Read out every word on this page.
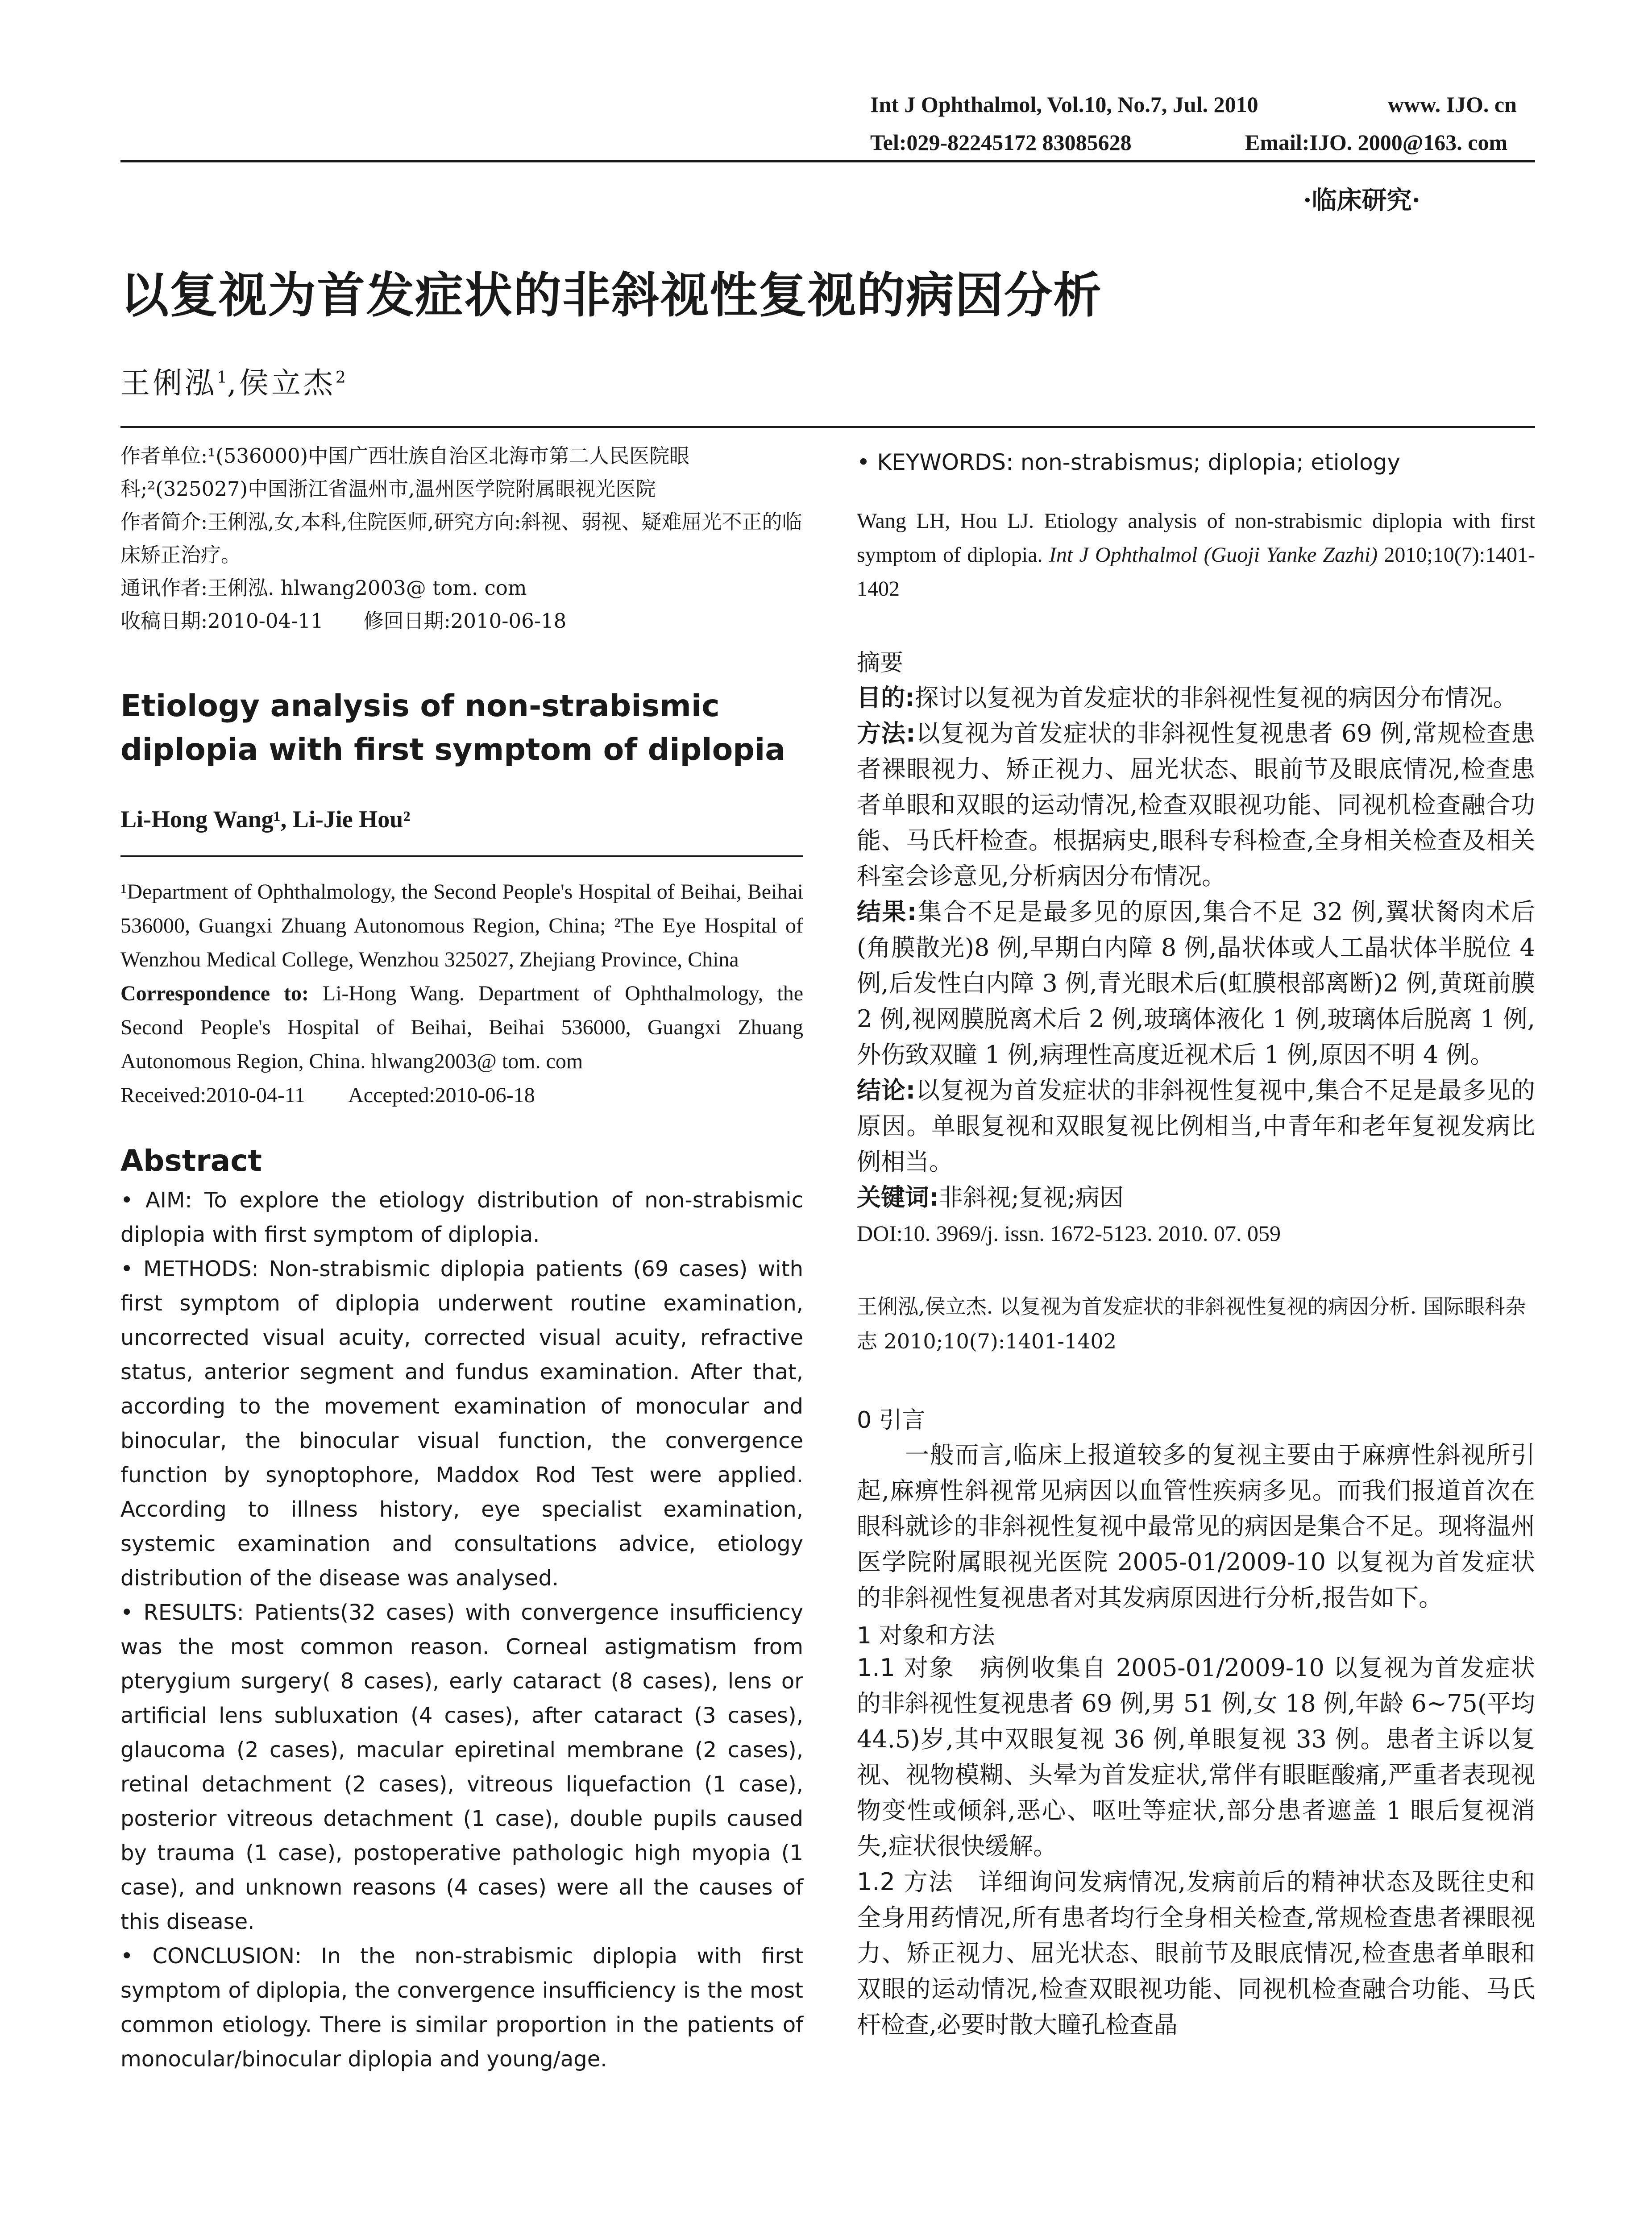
Int J Ophthalmol, Vol.10, No.7, Jul. 2010	www. IJO. cn
Tel:029-82245172 83085628	Email:IJO. 2000@163. com
·临床研究·
以复视为首发症状的非斜视性复视的病因分析
王俐泓$^1$,侯立杰$^2$

作者单位:¹(536000)中国广西壮族自治区北海市第二人民医院眼科;²(325027)中国浙江省温州市,温州医学院附属眼视光医院

作者简介:王俐泓,女,本科,住院医师,研究方向:斜视、弱视、疑难屈光不正的临床矫正治疗。

通讯作者:王俐泓. hlwang2003@ tom. com

收稿日期:2010-04-11　　修回日期:2010-06-18

Etiology analysis of non-strabismic diplopia with first symptom of diplopia
Li-Hong Wang¹, Li-Jie Hou²
¹Department of Ophthalmology, the Second People's Hospital of Beihai, Beihai 536000, Guangxi Zhuang Autonomous Region, China; ²The Eye Hospital of Wenzhou Medical College, Wenzhou 325027, Zhejiang Province, China
Correspondence to: Li-Hong Wang. Department of Ophthalmology, the Second People's Hospital of Beihai, Beihai 536000, Guangxi Zhuang Autonomous Region, China. hlwang2003@ tom. com
Received:2010-04-11　　Accepted:2010-06-18
Abstract

• AIM: To explore the etiology distribution of non-strabismic diplopia with first symptom of diplopia.

• METHODS: Non-strabismic diplopia patients (69 cases) with first symptom of diplopia underwent routine examination, uncorrected visual acuity, corrected visual acuity, refractive status, anterior segment and fundus examination. After that, according to the movement examination of monocular and binocular, the binocular visual function, the convergence function by synoptophore, Maddox Rod Test were applied. According to illness history, eye specialist examination, systemic examination and consultations advice, etiology distribution of the disease was analysed.

• RESULTS: Patients(32 cases) with convergence insufficiency was the most common reason. Corneal astigmatism from pterygium surgery( 8 cases), early cataract (8 cases), lens or artificial lens subluxation (4 cases), after cataract (3 cases), glaucoma (2 cases), macular epiretinal membrane (2 cases), retinal detachment (2 cases), vitreous liquefaction (1 case), posterior vitreous detachment (1 case), double pupils caused by trauma (1 case), postoperative pathologic high myopia (1 case), and unknown reasons (4 cases) were all the causes of this disease.

• CONCLUSION: In the non-strabismic diplopia with first symptom of diplopia, the convergence insufficiency is the most common etiology. There is similar proportion in the patients of monocular/binocular diplopia and young/age.

• KEYWORDS: non-strabismus; diplopia; etiology
Wang LH, Hou LJ. Etiology analysis of non-strabismic diplopia with first symptom of diplopia. Int J Ophthalmol (Guoji Yanke Zazhi) 2010;10(7):1401-1402
摘要

目的:探讨以复视为首发症状的非斜视性复视的病因分布情况。

方法:以复视为首发症状的非斜视性复视患者 69 例,常规检查患者裸眼视力、矫正视力、屈光状态、眼前节及眼底情况,检查患者单眼和双眼的运动情况,检查双眼视功能、同视机检查融合功能、马氏杆检查。根据病史,眼科专科检查,全身相关检查及相关科室会诊意见,分析病因分布情况。

结果:集合不足是最多见的原因,集合不足 32 例,翼状胬肉术后(角膜散光)8 例,早期白内障 8 例,晶状体或人工晶状体半脱位 4 例,后发性白内障 3 例,青光眼术后(虹膜根部离断)2 例,黄斑前膜 2 例,视网膜脱离术后 2 例,玻璃体液化 1 例,玻璃体后脱离 1 例,外伤致双瞳 1 例,病理性高度近视术后 1 例,原因不明 4 例。

结论:以复视为首发症状的非斜视性复视中,集合不足是最多见的原因。单眼复视和双眼复视比例相当,中青年和老年复视发病比例相当。

关键词:非斜视;复视;病因

DOI:10. 3969/j. issn. 1672-5123. 2010. 07. 059
王俐泓,侯立杰. 以复视为首发症状的非斜视性复视的病因分析. 国际眼科杂志 2010;10(7):1401-1402
0 引言
一般而言,临床上报道较多的复视主要由于麻痹性斜视所引起,麻痹性斜视常见病因以血管性疾病多见。而我们报道首次在眼科就诊的非斜视性复视中最常见的病因是集合不足。现将温州医学院附属眼视光医院 2005-01/2009-10 以复视为首发症状的非斜视性复视患者对其发病原因进行分析,报告如下。
1 对象和方法
1.1 对象　病例收集自 2005-01/2009-10 以复视为首发症状的非斜视性复视患者 69 例,男 51 例,女 18 例,年龄 6~75(平均 44.5)岁,其中双眼复视 36 例,单眼复视 33 例。患者主诉以复视、视物模糊、头晕为首发症状,常伴有眼眶酸痛,严重者表现视物变性或倾斜,恶心、呕吐等症状,部分患者遮盖 1 眼后复视消失,症状很快缓解。
1.2 方法　详细询问发病情况,发病前后的精神状态及既往史和全身用药情况,所有患者均行全身相关检查,常规检查患者裸眼视力、矫正视力、屈光状态、眼前节及眼底情况,检查患者单眼和双眼的运动情况,检查双眼视功能、同视机检查融合功能、马氏杆检查,必要时散大瞳孔检查晶
